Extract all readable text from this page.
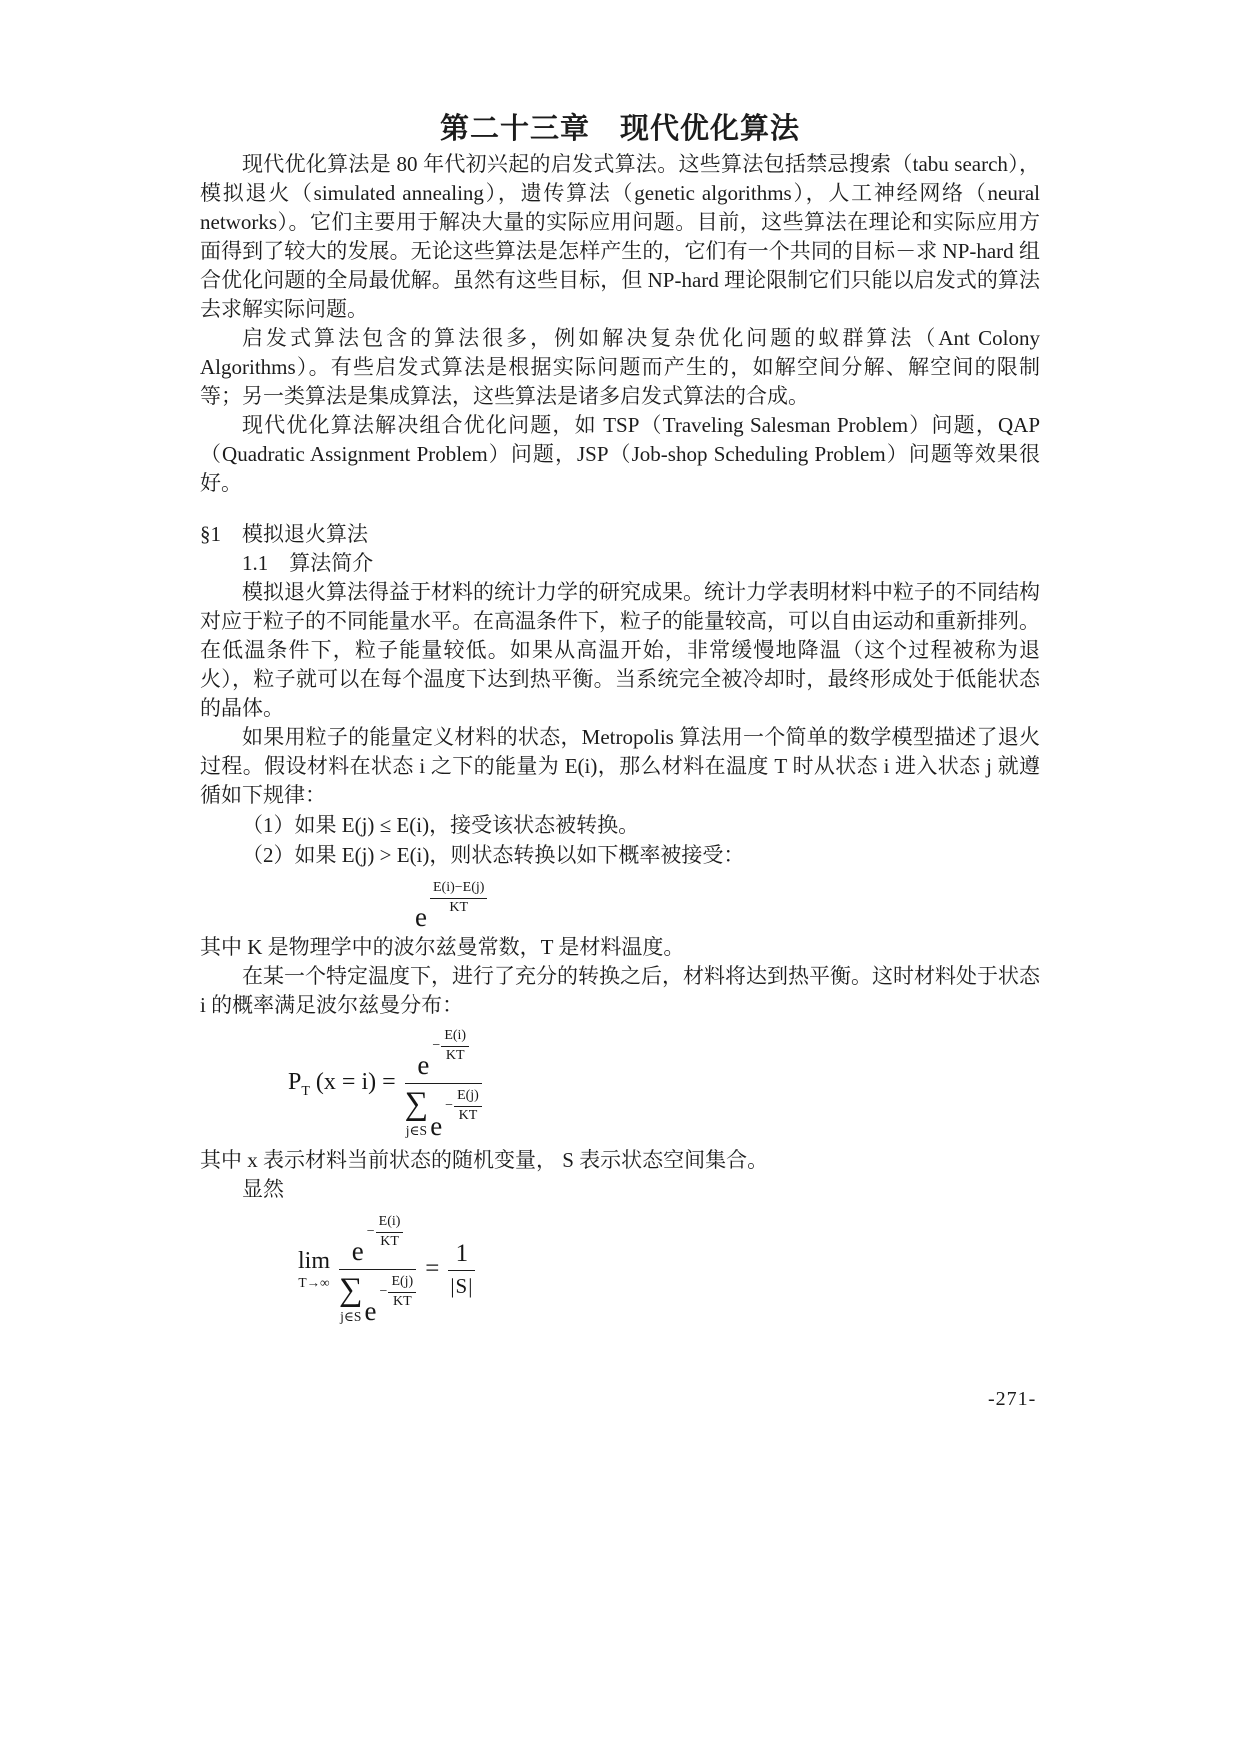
第二十三章　现代优化算法

现代优化算法是 80 年代初兴起的启发式算法。这些算法包括禁忌搜索（tabu search），模拟退火（simulated annealing），遗传算法（genetic algorithms），人工神经网络（neural networks）。它们主要用于解决大量的实际应用问题。目前，这些算法在理论和实际应用方面得到了较大的发展。无论这些算法是怎样产生的，它们有一个共同的目标－求 NP-hard 组合优化问题的全局最优解。虽然有这些目标，但 NP-hard 理论限制它们只能以启发式的算法去求解实际问题。

启发式算法包含的算法很多，例如解决复杂优化问题的蚁群算法（Ant Colony Algorithms）。有些启发式算法是根据实际问题而产生的，如解空间分解、解空间的限制等；另一类算法是集成算法，这些算法是诸多启发式算法的合成。

现代优化算法解决组合优化问题，如 TSP（Traveling Salesman Problem）问题，QAP（Quadratic Assignment Problem）问题，JSP（Job-shop Scheduling Problem）问题等效果很好。

§1　模拟退火算法
1.1　算法简介

模拟退火算法得益于材料的统计力学的研究成果。统计力学表明材料中粒子的不同结构对应于粒子的不同能量水平。在高温条件下，粒子的能量较高，可以自由运动和重新排列。在低温条件下，粒子能量较低。如果从高温开始，非常缓慢地降温（这个过程被称为退火），粒子就可以在每个温度下达到热平衡。当系统完全被冷却时，最终形成处于低能状态的晶体。

如果用粒子的能量定义材料的状态，Metropolis 算法用一个简单的数学模型描述了退火过程。假设材料在状态 i 之下的能量为 E(i)，那么材料在温度 T 时从状态 i 进入状态 j 就遵循如下规律：

（1）如果 E(j) ≤ E(i)，接受该状态被转换。

（2）如果 E(j) > E(i)，则状态转换以如下概率被接受：

e
$\frac{E(i)-E(j)}{KT}$

其中 K 是物理学中的波尔兹曼常数，T 是材料温度。

在某一个特定温度下，进行了充分的转换之后，材料将达到热平衡。这时材料处于状态 i 的概率满足波尔兹曼分布：

$P_T$ (x = i) =
e
− $\frac{E(i)}{KT}$
∑
j∈S e
− $\frac{E(j)}{KT}$

其中 x 表示材料当前状态的随机变量， S 表示状态空间集合。

显然

lim
T→∞
e
− $\frac{E(i)}{KT}$
∑
j∈S e
− $\frac{E(j)}{KT}$
= $\frac{1}{|S|}$
-271-
